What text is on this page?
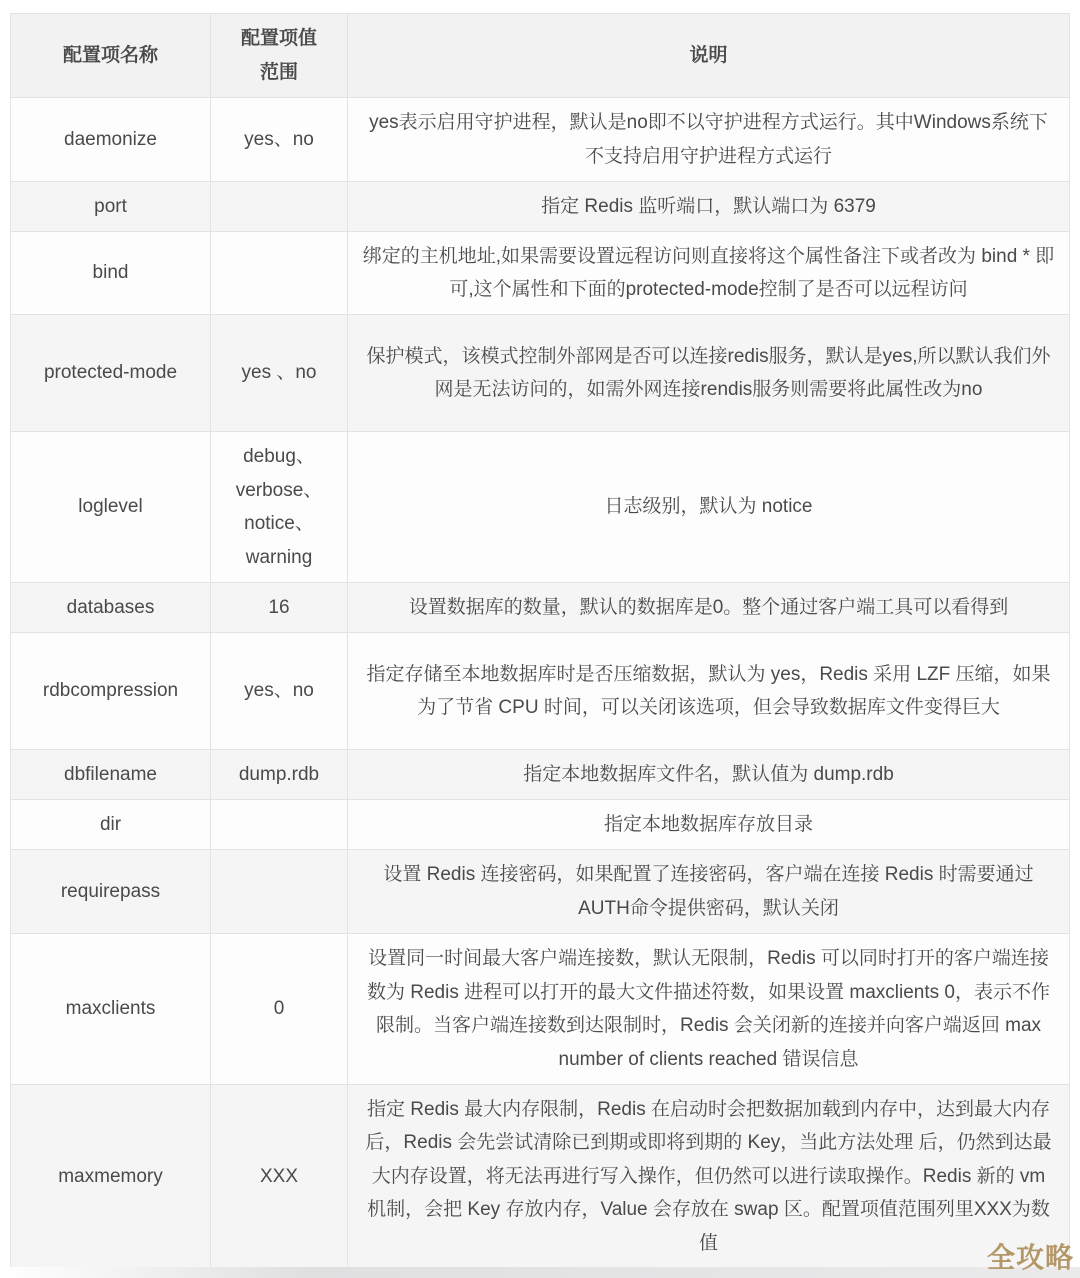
配置项名称	配置项值范围	说明
daemonize	yes、no	yes表示启用守护进程，默认是no即不以守护进程方式运行。其中Windows系统下不支持启用守护进程方式运行
port		指定 Redis 监听端口，默认端口为 6379
bind		绑定的主机地址,如果需要设置远程访问则直接将这个属性备注下或者改为 bind * 即可,这个属性和下面的protected-mode控制了是否可以远程访问
protected-mode	yes 、no	保护模式，该模式控制外部网是否可以连接redis服务，默认是yes,所以默认我们外网是无法访问的，如需外网连接rendis服务则需要将此属性改为no
loglevel	debug、verbose、notice、warning	日志级别，默认为 notice
databases	16	设置数据库的数量，默认的数据库是0。整个通过客户端工具可以看得到
rdbcompression	yes、no	指定存储至本地数据库时是否压缩数据，默认为 yes，Redis 采用 LZF 压缩，如果为了节省 CPU 时间，可以关闭该选项，但会导致数据库文件变得巨大
dbfilename	dump.rdb	指定本地数据库文件名，默认值为 dump.rdb
dir		指定本地数据库存放目录
requirepass		设置 Redis 连接密码，如果配置了连接密码，客户端在连接 Redis 时需要通过 AUTH命令提供密码，默认关闭
maxclients	0	设置同一时间最大客户端连接数，默认无限制，Redis 可以同时打开的客户端连接数为 Redis 进程可以打开的最大文件描述符数，如果设置 maxclients 0，表示不作限制。当客户端连接数到达限制时，Redis 会关闭新的连接并向客户端返回 max number of clients reached 错误信息
maxmemory	XXX	指定 Redis 最大内存限制，Redis 在启动时会把数据加载到内存中，达到最大内存后，Redis 会先尝试清除已到期或即将到期的 Key，当此方法处理 后，仍然到达最大内存设置，将无法再进行写入操作，但仍然可以进行读取操作。Redis 新的 vm 机制，会把 Key 存放内存，Value 会存放在 swap 区。配置项值范围列里XXX为数值	全攻略
